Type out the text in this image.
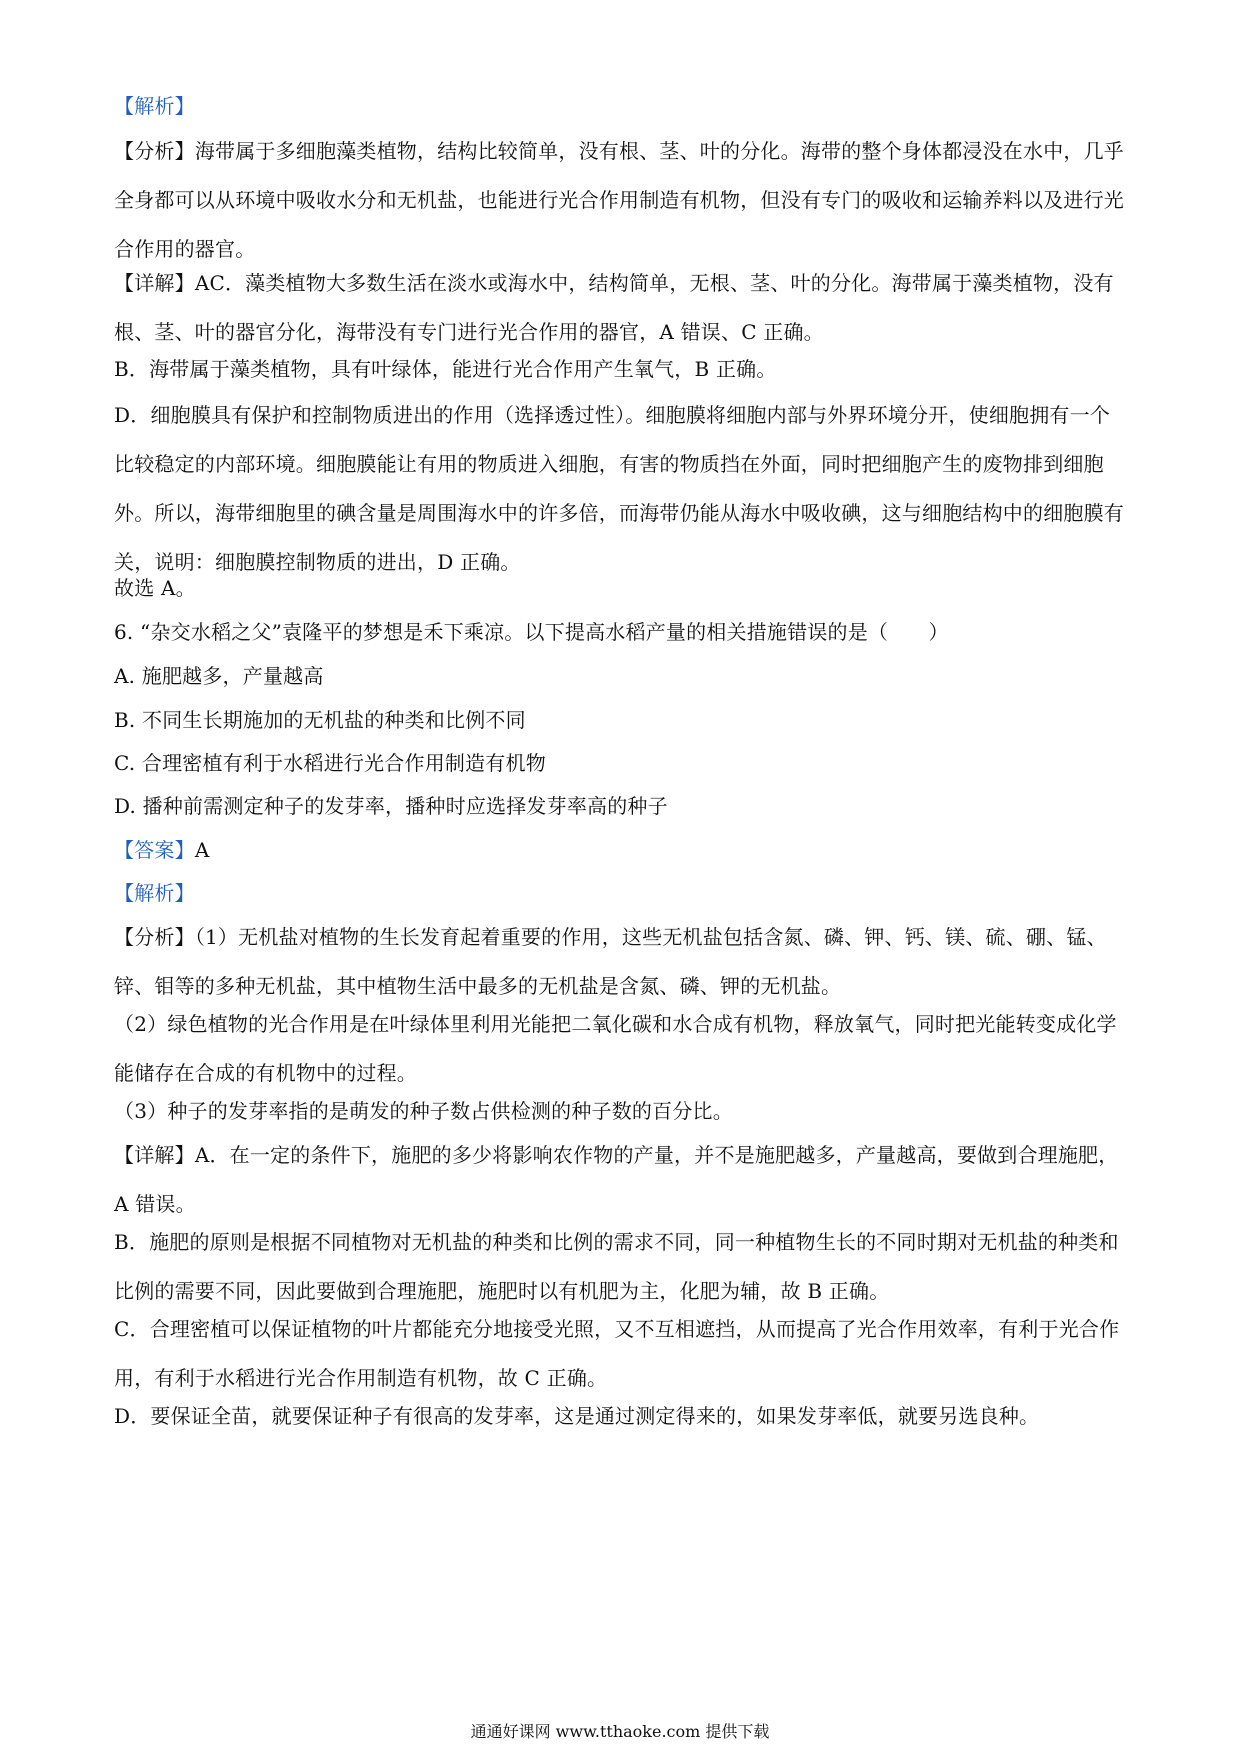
【解析】

【分析】海带属于多细胞藻类植物，结构比较简单，没有根、茎、叶的分化。海带的整个身体都浸没在水中，几乎全身都可以从环境中吸收水分和无机盐，也能进行光合作用制造有机物，但没有专门的吸收和运输养料以及进行光合作用的器官。

【详解】AC．藻类植物大多数生活在淡水或海水中，结构简单，无根、茎、叶的分化。海带属于藻类植物，没有根、茎、叶的器官分化，海带没有专门进行光合作用的器官，A 错误、C 正确。

B．海带属于藻类植物，具有叶绿体，能进行光合作用产生氧气，B 正确。

D．细胞膜具有保护和控制物质进出的作用（选择透过性）。细胞膜将细胞内部与外界环境分开，使细胞拥有一个比较稳定的内部环境。细胞膜能让有用的物质进入细胞，有害的物质挡在外面，同时把细胞产生的废物排到细胞外。所以，海带细胞里的碘含量是周围海水中的许多倍，而海带仍能从海水中吸收碘，这与细胞结构中的细胞膜有关，说明：细胞膜控制物质的进出，D 正确。

故选 A。

6. “杂交水稻之父”袁隆平的梦想是禾下乘凉。以下提高水稻产量的相关措施错误的是（　　）

A. 施肥越多，产量越高

B. 不同生长期施加的无机盐的种类和比例不同

C. 合理密植有利于水稻进行光合作用制造有机物

D. 播种前需测定种子的发芽率，播种时应选择发芽率高的种子

【答案】A

【解析】

【分析】（1）无机盐对植物的生长发育起着重要的作用，这些无机盐包括含氮、磷、钾、钙、镁、硫、硼、锰、锌、钼等的多种无机盐，其中植物生活中最多的无机盐是含氮、磷、钾的无机盐。

（2）绿色植物的光合作用是在叶绿体里利用光能把二氧化碳和水合成有机物，释放氧气，同时把光能转变成化学能储存在合成的有机物中的过程。

（3）种子的发芽率指的是萌发的种子数占供检测的种子数的百分比。

【详解】A．在一定的条件下，施肥的多少将影响农作物的产量，并不是施肥越多，产量越高，要做到合理施肥，A 错误。

B．施肥的原则是根据不同植物对无机盐的种类和比例的需求不同，同一种植物生长的不同时期对无机盐的种类和比例的需要不同，因此要做到合理施肥，施肥时以有机肥为主，化肥为辅，故 B 正确。

C．合理密植可以保证植物的叶片都能充分地接受光照，又不互相遮挡，从而提高了光合作用效率，有利于光合作用，有利于水稻进行光合作用制造有机物，故 C 正确。

D．要保证全苗，就要保证种子有很高的发芽率，这是通过测定得来的，如果发芽率低，就要另选良种。

通通好课网 www.tthaoke.com 提供下载
